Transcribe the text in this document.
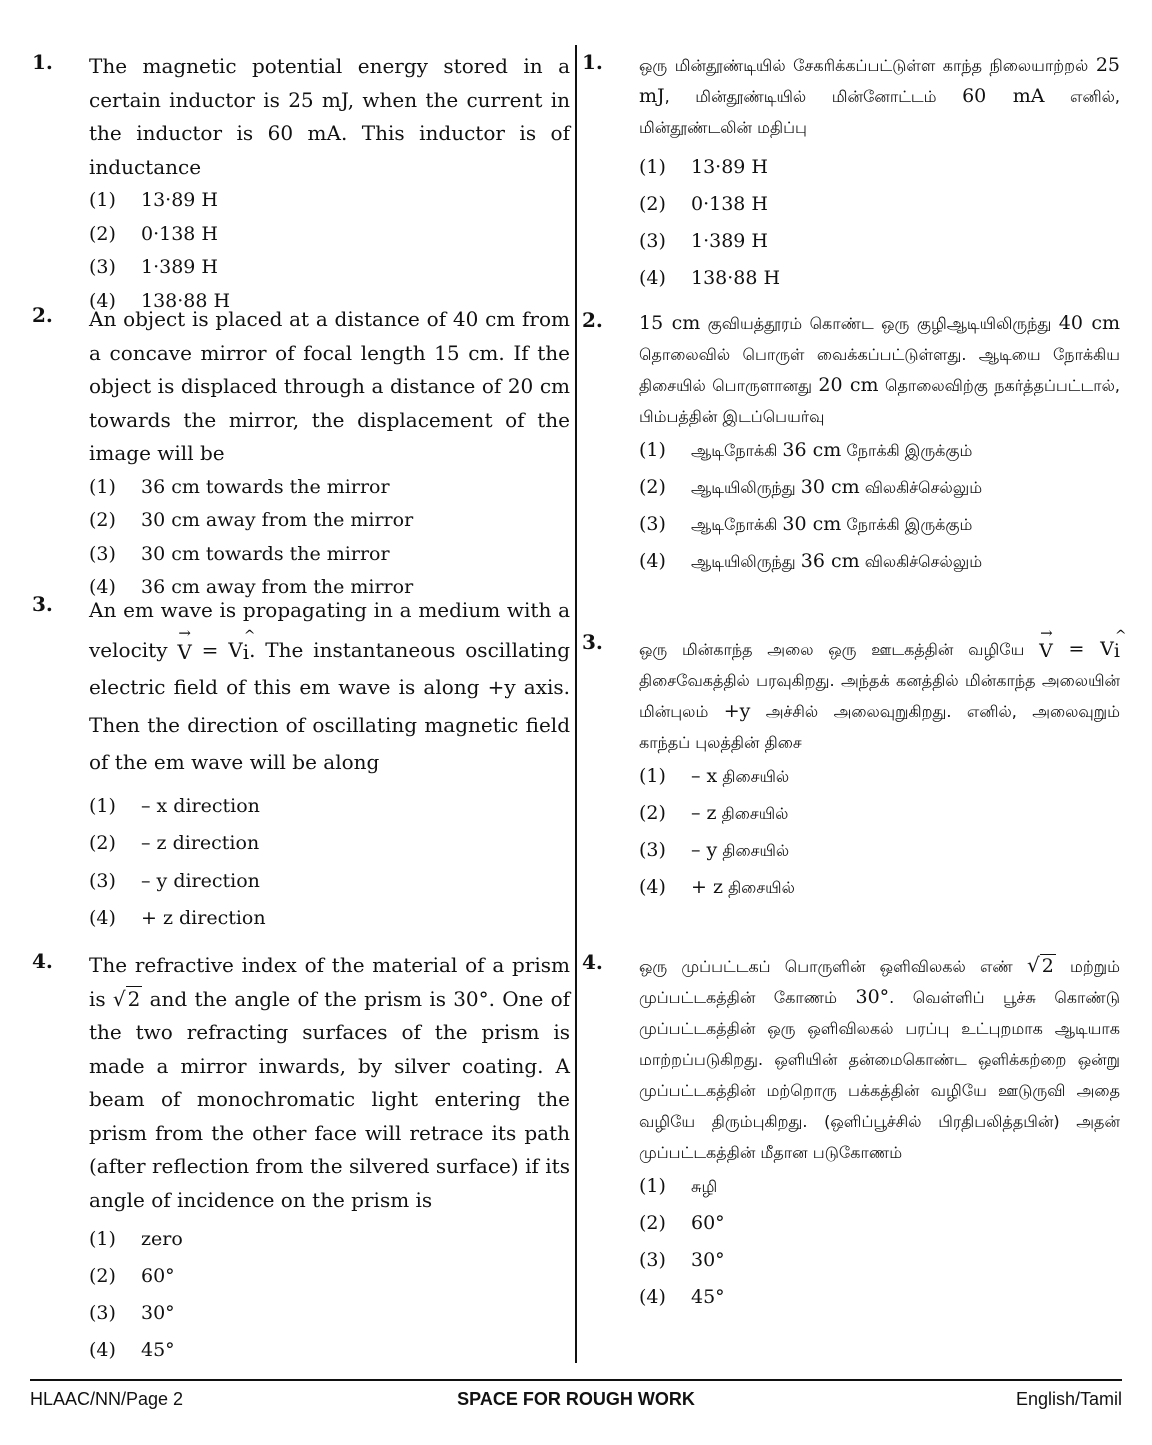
1. The magnetic potential energy stored in a certain inductor is 25 mJ, when the current in the inductor is 60 mA. This inductor is of inductance
(1)	13·89 H
(2)	0·138 H
(3)	1·389 H
(4)	138·88 H
2. An object is placed at a distance of 40 cm from a concave mirror of focal length 15 cm. If the object is displaced through a distance of 20 cm towards the mirror, the displacement of the image will be
(1)	36 cm towards the mirror
(2)	30 cm away from the mirror
(3)	30 cm towards the mirror
(4)	36 cm away from the mirror
3. An em wave is propagating in a medium with a velocity
→
V = V
^
i. The instantaneous oscillating electric field of this em wave is along +y axis. Then the direction of oscillating magnetic field of the em wave will be along
(1)	– x direction
(2)	– z direction
(3)	– y direction
(4)	+ z direction
4. The refractive index of the material of a prism is √ 2 and the angle of the prism is 30°. One of the two refracting surfaces of the prism is made a mirror inwards, by silver coating. A beam of monochromatic light entering the prism from the other face will retrace its path (after reflection from the silvered surface) if its angle of incidence on the prism is
(1)	zero
(2)	60°
(3)	30°
(4)	45°
1. ஒரு மின்தூண்டியில் சேகரிக்கப்பட்டுள்ள காந்த நிலையாற்றல் 25 mJ, மின்தூண்டியில் மின்னோட்டம் 60 mA எனில், மின்தூண்டலின் மதிப்பு
(1)	13·89 H
(2)	0·138 H
(3)	1·389 H
(4)	138·88 H
2. 15 cm குவியத்தூரம் கொண்ட ஒரு குழிஆடியிலிருந்து 40 cm தொலைவில் பொருள் வைக்கப்பட்டுள்ளது. ஆடியை நோக்கிய திசையில் பொருளானது 20 cm தொலைவிற்கு நகர்த்தப்பட்டால், பிம்பத்தின் இடப்பெயர்வு
(1)	ஆடிநோக்கி 36 cm நோக்கி இருக்கும்
(2)	ஆடியிலிருந்து 30 cm விலகிச்செல்லும்
(3)	ஆடிநோக்கி 30 cm நோக்கி இருக்கும்
(4)	ஆடியிலிருந்து 36 cm விலகிச்செல்லும்
3. ஒரு மின்காந்த அலை ஒரு ஊடகத்தின் வழியே
→
V = V
^
i திசைவேகத்தில் பரவுகிறது. அந்தக் கனத்தில் மின்காந்த அலையின் மின்புலம் +y அச்சில் அலைவுறுகிறது. எனில், அலைவுறும் காந்தப் புலத்தின் திசை
(1)	– x திசையில்
(2)	– z திசையில்
(3)	– y திசையில்
(4)	+ z திசையில்
4. ஒரு முப்பட்டகப் பொருளின் ஒளிவிலகல் எண் √ 2 மற்றும் முப்பட்டகத்தின் கோணம் 30°. வெள்ளிப் பூச்சு கொண்டு முப்பட்டகத்தின் ஒரு ஒளிவிலகல் பரப்பு உட்புறமாக ஆடியாக மாற்றப்படுகிறது. ஒளியின் தன்மைகொண்ட ஒளிக்கற்றை ஒன்று முப்பட்டகத்தின் மற்றொரு பக்கத்தின் வழியே ஊடுருவி அதை வழியே திரும்புகிறது. (ஒளிப்பூச்சில் பிரதிபலித்தபின்) அதன் முப்பட்டகத்தின் மீதான படுகோணம்
(1)	சுழி
(2)	60°
(3)	30°
(4)	45°
HLAAC/NN/Page 2	SPACE FOR ROUGH WORK	English/Tamil
